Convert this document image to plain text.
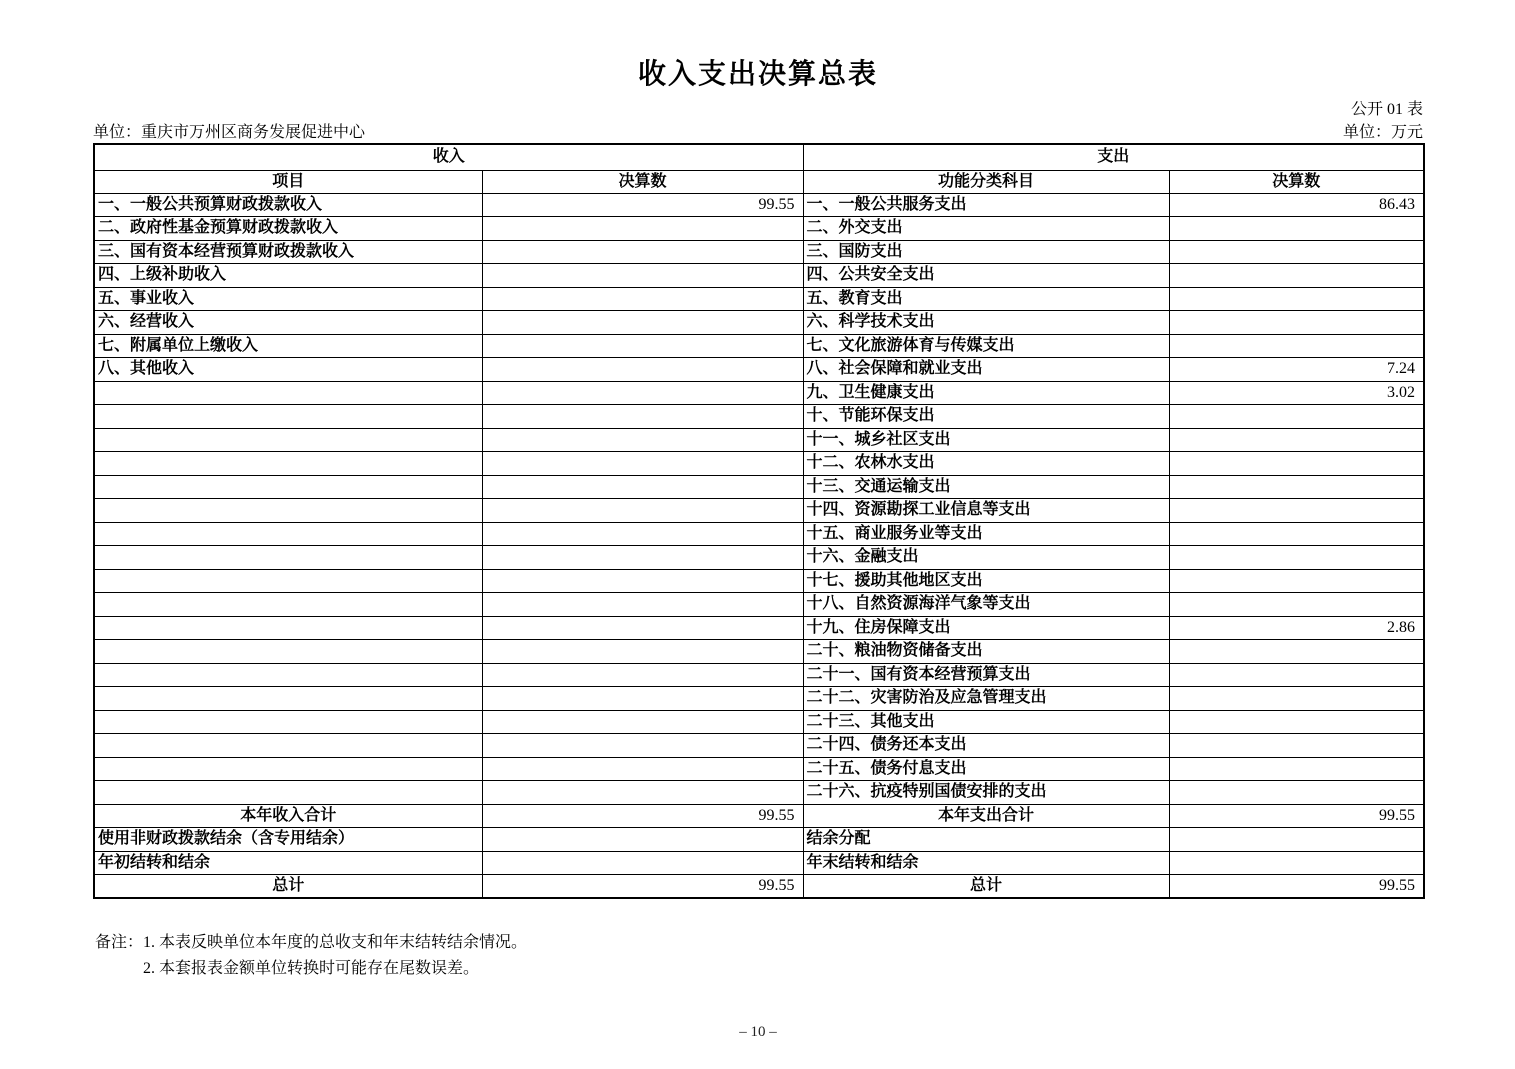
收入支出决算总表
公开 01 表
单位：重庆市万州区商务发展促进中心	单位：万元
收入		支出	
项目	决算数	功能分类科目	决算数
一、一般公共预算财政拨款收入	99.55	一、一般公共服务支出	86.43
二、政府性基金预算财政拨款收入		二、外交支出	
三、国有资本经营预算财政拨款收入		三、国防支出	
四、上级补助收入		四、公共安全支出	
五、事业收入		五、教育支出	
六、经营收入		六、科学技术支出	
七、附属单位上缴收入		七、文化旅游体育与传媒支出	
八、其他收入		八、社会保障和就业支出	7.24
		九、卫生健康支出	3.02
		十、节能环保支出	
		十一、城乡社区支出	
		十二、农林水支出	
		十三、交通运输支出	
		十四、资源勘探工业信息等支出	
		十五、商业服务业等支出	
		十六、金融支出	
		十七、援助其他地区支出	
		十八、自然资源海洋气象等支出	
		十九、住房保障支出	2.86
		二十、粮油物资储备支出	
		二十一、国有资本经营预算支出	
		二十二、灾害防治及应急管理支出	
		二十三、其他支出	
		二十四、债务还本支出	
		二十五、债务付息支出	
		二十六、抗疫特别国债安排的支出	
本年收入合计	99.55	本年支出合计	99.55
使用非财政拨款结余（含专用结余）		结余分配	
年初结转和结余		年末结转和结余	
总计	99.55	总计	99.55
备注： 1. 本表反映单位本年度的总收支和年末结转结余情况。
2. 本套报表金额单位转换时可能存在尾数误差。
– 10 –
